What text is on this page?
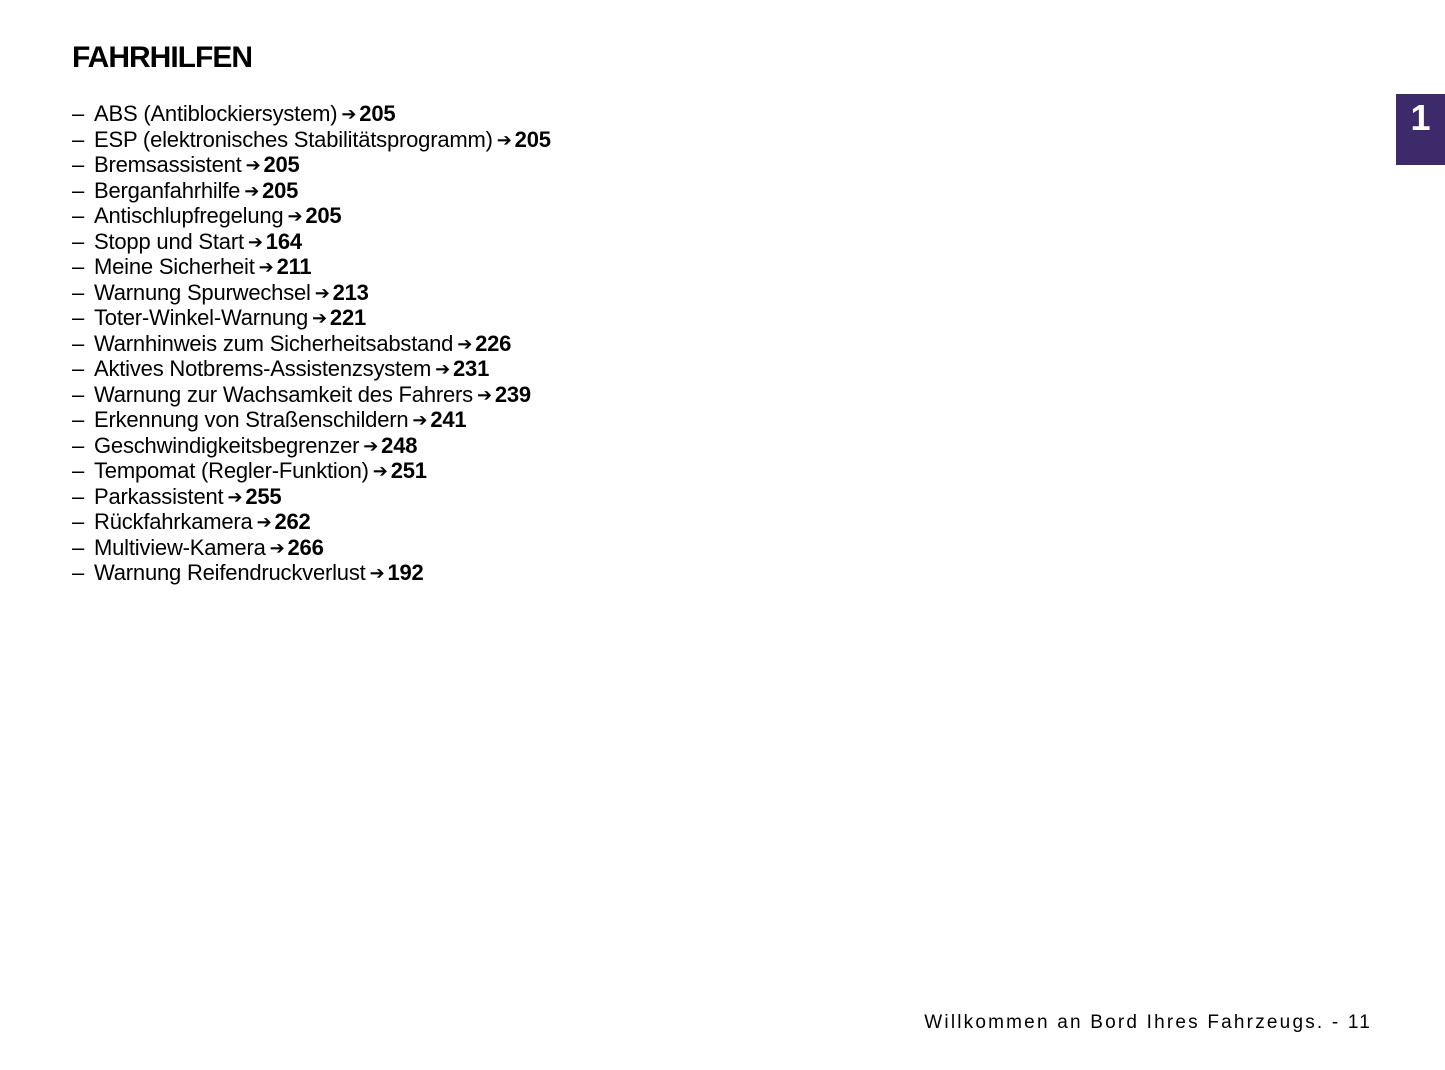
FAHRHILFEN
– ABS (Antiblockiersystem) ➔ 205
– ESP (elektronisches Stabilitätsprogramm) ➔ 205
– Bremsassistent ➔ 205
– Berganfahrhilfe ➔ 205
– Antischlupfregelung ➔ 205
– Stopp und Start ➔ 164
– Meine Sicherheit ➔ 211
– Warnung Spurwechsel ➔ 213
– Toter-Winkel-Warnung ➔ 221
– Warnhinweis zum Sicherheitsabstand ➔ 226
– Aktives Notbrems-Assistenzsystem ➔ 231
– Warnung zur Wachsamkeit des Fahrers ➔ 239
– Erkennung von Straßenschildern ➔ 241
– Geschwindigkeitsbegrenzer ➔ 248
– Tempomat (Regler-Funktion) ➔ 251
– Parkassistent ➔ 255
– Rückfahrkamera ➔ 262
– Multiview-Kamera ➔ 266
– Warnung Reifendruckverlust ➔ 192
1
Willkommen an Bord Ihres Fahrzeugs. - 11
